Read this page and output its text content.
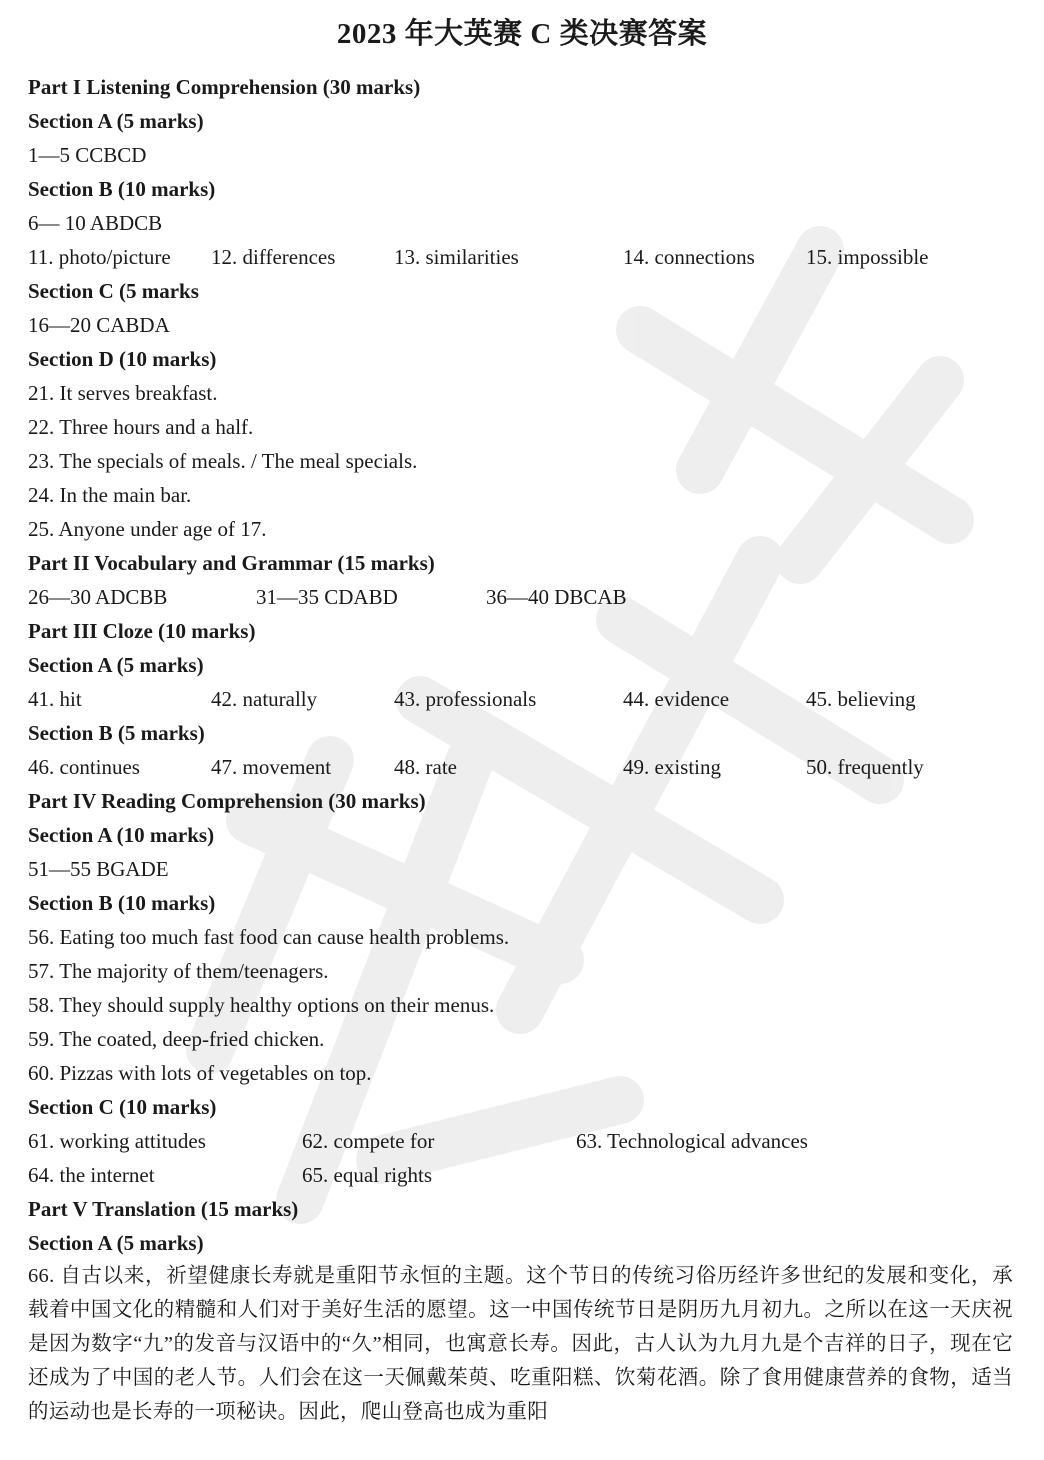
2023 年大英赛 C 类决赛答案
Part I Listening Comprehension (30 marks)
Section A (5 marks)
1—5 CCBCD
Section B (10 marks)
6— 10 ABDCB
11. photo/picture 12. differences	13. similarities	14. connections 15. impossible
Section C (5 marks
16—20 CABDA
Section D (10 marks)
21. It serves breakfast.
22. Three hours and a half.
23. The specials of meals. / The meal specials.
24. In the main bar.
25. Anyone under age of 17.
Part II Vocabulary and Grammar (15 marks)
26—30 ADCBB	31—35 CDABD	36—40 DBCAB
Part III Cloze (10 marks)
Section A (5 marks)
41. hit	42. naturally	43. professionals	44. evidence	45. believing
Section B (5 marks)
46. continues	47. movement	48. rate	49. existing	50. frequently
Part IV Reading Comprehension (30 marks)
Section A (10 marks)
51—55 BGADE
Section B (10 marks)
56. Eating too much fast food can cause health problems.
57. The majority of them/teenagers.
58. They should supply healthy options on their menus.
59. The coated, deep-fried chicken.
60. Pizzas with lots of vegetables on top.
Section C (10 marks)
61. working attitudes	62. compete for	63. Technological advances
64. the internet	65. equal rights
Part V Translation (15 marks)
Section A (5 marks)
66. 自古以来，祈望健康长寿就是重阳节永恒的主题。这个节日的传统习俗历经许多世纪的发展和变化，承载着中国文化的精髓和人们对于美好生活的愿望。这一中国传统节日是阴历九月初九。之所以在这一天庆祝是因为数字“九”的发音与汉语中的“久”相同，也寓意长寿。因此，古人认为九月九是个吉祥的日子，现在它还成为了中国的老人节。人们会在这一天佩戴茱萸、吃重阳糕、饮菊花酒。除了食用健康营养的食物，适当的运动也是长寿的一项秘诀。因此，爬山登高也成为重阳
